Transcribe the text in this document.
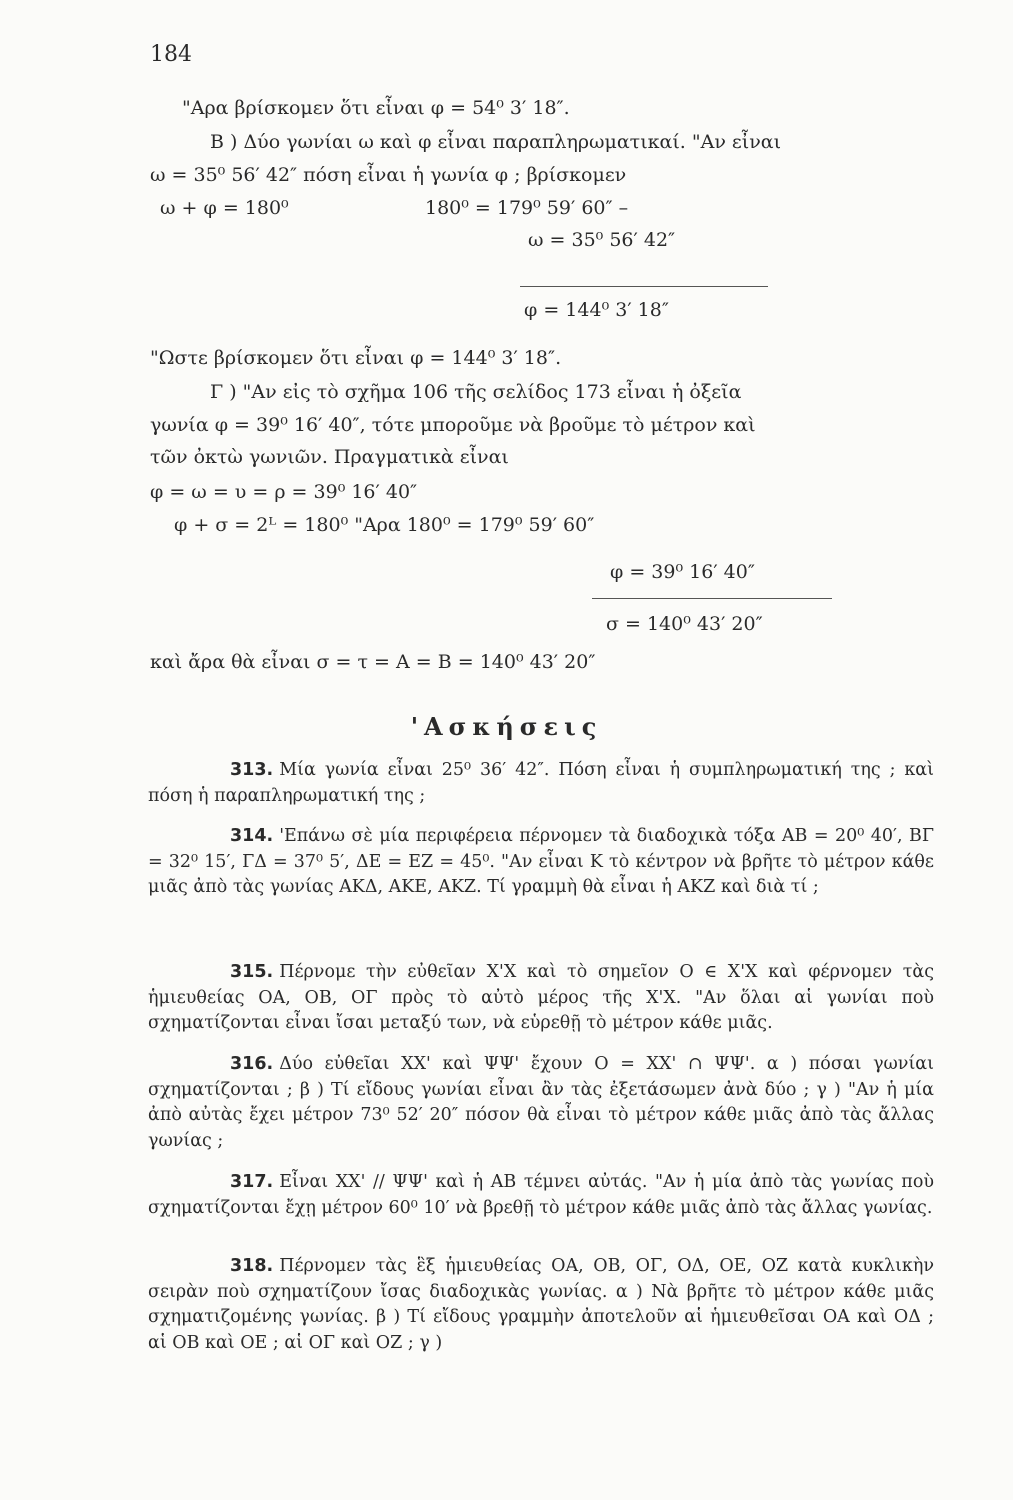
184
"Αρα βρίσκομεν ὅτι εἶναι φ = 54⁰ 3′ 18″.
Β ) Δύο γωνίαι ω καὶ φ εἶναι παραπληρωματικαί. "Αν εἶναι
ω = 35⁰ 56′ 42″ πόση εἶναι ἡ γωνία φ ; βρίσκομεν
ω + φ = 180⁰	180⁰ = 179⁰ 59′ 60″ –
ω = 35⁰ 56′ 42″
φ = 144⁰ 3′ 18″
"Ωστε βρίσκομεν ὅτι εἶναι φ = 144⁰ 3′ 18″.
Γ ) "Αν εἰς τὸ σχῆμα 106 τῆς σελίδος 173 εἶναι ἡ ὀξεῖα
γωνία φ = 39⁰ 16′ 40″, τότε μποροῦμε νὰ βροῦμε τὸ μέτρον καὶ
τῶν ὀκτὼ γωνιῶν. Πραγματικὰ εἶναι
φ = ω = υ = ρ = 39⁰ 16′ 40″
φ + σ = 2ᴸ = 180⁰ "Αρα 180⁰ = 179⁰ 59′ 60″
φ = 39⁰ 16′ 40″
σ = 140⁰ 43′ 20″
καὶ ἄρα θὰ εἶναι σ = τ = Α = Β = 140⁰ 43′ 20″
'Ασκήσεις
313 . Μία γωνία εἶναι 25⁰ 36′ 42″. Πόση εἶναι ἡ συμπληρωματική της ; καὶ πόση ἡ παραπληρωματική της ;
314 . 'Επάνω σὲ μία περιφέρεια πέρνομεν τὰ διαδοχικὰ τόξα ΑΒ = 20⁰ 40′, ΒΓ = 32⁰ 15′, ΓΔ = 37⁰ 5′, ΔΕ = ΕΖ = 45⁰. "Αν εἶναι Κ τὸ κέντρον νὰ βρῆτε τὸ μέτρον κάθε μιᾶς ἀπὸ τὰς γωνίας ΑΚΔ, ΑΚΕ, ΑΚΖ. Τί γραμμὴ θὰ εἶναι ἡ ΑΚΖ καὶ διὰ τί ;
315 . Πέρνομε τὴν εὐθεῖαν Χ'Χ καὶ τὸ σημεῖον Ο ∈ Χ'Χ καὶ φέρνομεν τὰς ἡμιευθείας ΟΑ, ΟΒ, ΟΓ πρὸς τὸ αὐτὸ μέρος τῆς Χ'Χ. "Αν ὅλαι αἱ γωνίαι ποὺ σχηματίζονται εἶναι ἴσαι μεταξύ των, νὰ εὑρεθῇ τὸ μέτρον κάθε μιᾶς.
316 . Δύο εὐθεῖαι ΧΧ' καὶ ΨΨ' ἔχουν Ο = ΧΧ' ∩ ΨΨ'. α ) πόσαι γωνίαι σχηματίζονται ; β ) Τί εἴδους γωνίαι εἶναι ἂν τὰς ἐξετάσωμεν ἀνὰ δύο ; γ ) "Αν ἡ μία ἀπὸ αὐτὰς ἔχει μέτρον 73⁰ 52′ 20″ πόσον θὰ εἶναι τὸ μέτρον κάθε μιᾶς ἀπὸ τὰς ἄλλας γωνίας ;
317 . Εἶναι ΧΧ' // ΨΨ' καὶ ἡ ΑΒ τέμνει αὐτάς. "Αν ἡ μία ἀπὸ τὰς γωνίας ποὺ σχηματίζονται ἔχῃ μέτρον 60⁰ 10′ νὰ βρεθῇ τὸ μέτρον κάθε μιᾶς ἀπὸ τὰς ἄλλας γωνίας.
318 . Πέρνομεν τὰς ἓξ ἡμιευθείας ΟΑ, ΟΒ, ΟΓ, ΟΔ, ΟΕ, ΟΖ κατὰ κυκλικὴν σειρὰν ποὺ σχηματίζουν ἴσας διαδοχικὰς γωνίας. α ) Νὰ βρῆτε τὸ μέτρον κάθε μιᾶς σχηματιζομένης γωνίας. β ) Τί εἴδους γραμμὴν ἀποτελοῦν αἱ ἡμιευθεῖσαι ΟΑ καὶ ΟΔ ; αἱ ΟΒ καὶ ΟΕ ; αἱ ΟΓ καὶ ΟΖ ; γ )
